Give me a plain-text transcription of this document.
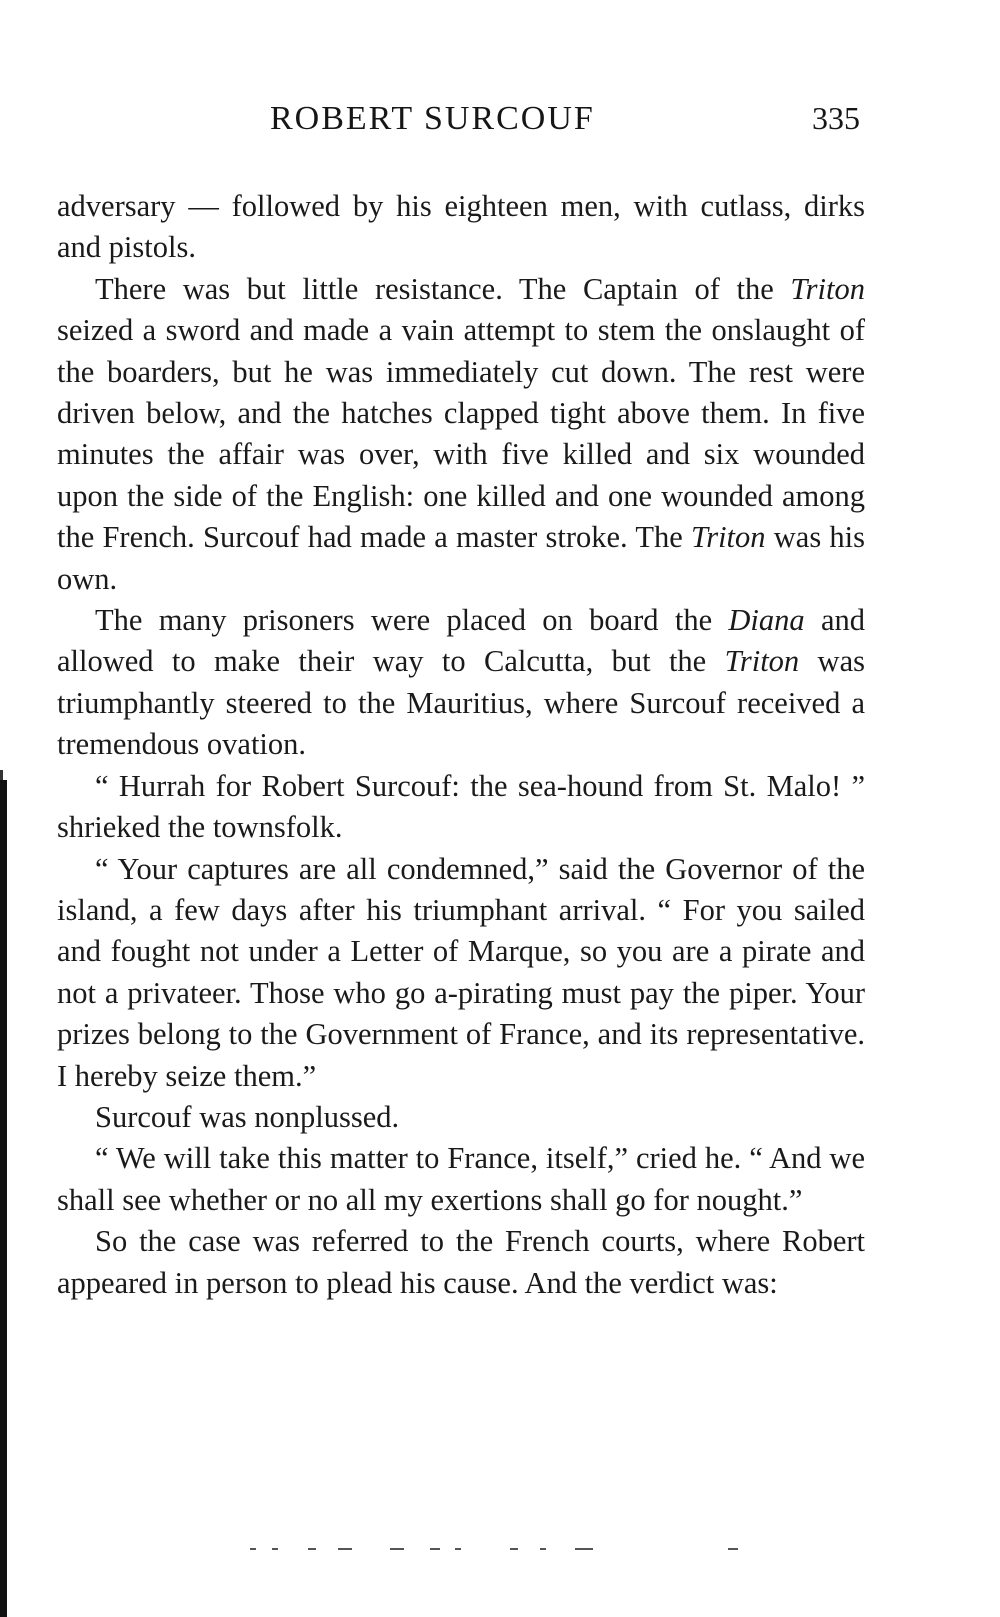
ROBERT SURCOUF	335

adversary — followed by his eighteen men, with cutlass, dirks and pistols.

There was but little resistance. The Captain of the Triton seized a sword and made a vain attempt to stem the onslaught of the boarders, but he was immediately cut down. The rest were driven below, and the hatches clapped tight above them. In five minutes the affair was over, with five killed and six wounded upon the side of the English: one killed and one wounded among the French. Surcouf had made a master stroke. The Triton was his own.

The many prisoners were placed on board the Diana and allowed to make their way to Calcutta, but the Triton was triumphantly steered to the Mauritius, where Surcouf received a tremendous ovation.

“ Hurrah for Robert Surcouf: the sea-hound from St. Malo! ” shrieked the townsfolk.

“ Your captures are all condemned,” said the Governor of the island, a few days after his triumphant arrival. “ For you sailed and fought not under a Letter of Marque, so you are a pirate and not a privateer. Those who go a-pirating must pay the piper. Your prizes belong to the Government of France, and its representative. I hereby seize them.”

Surcouf was nonplussed.

“ We will take this matter to France, itself,” cried he. “ And we shall see whether or no all my exertions shall go for nought.”

So the case was referred to the French courts, where Robert appeared in person to plead his cause. And the verdict was:
